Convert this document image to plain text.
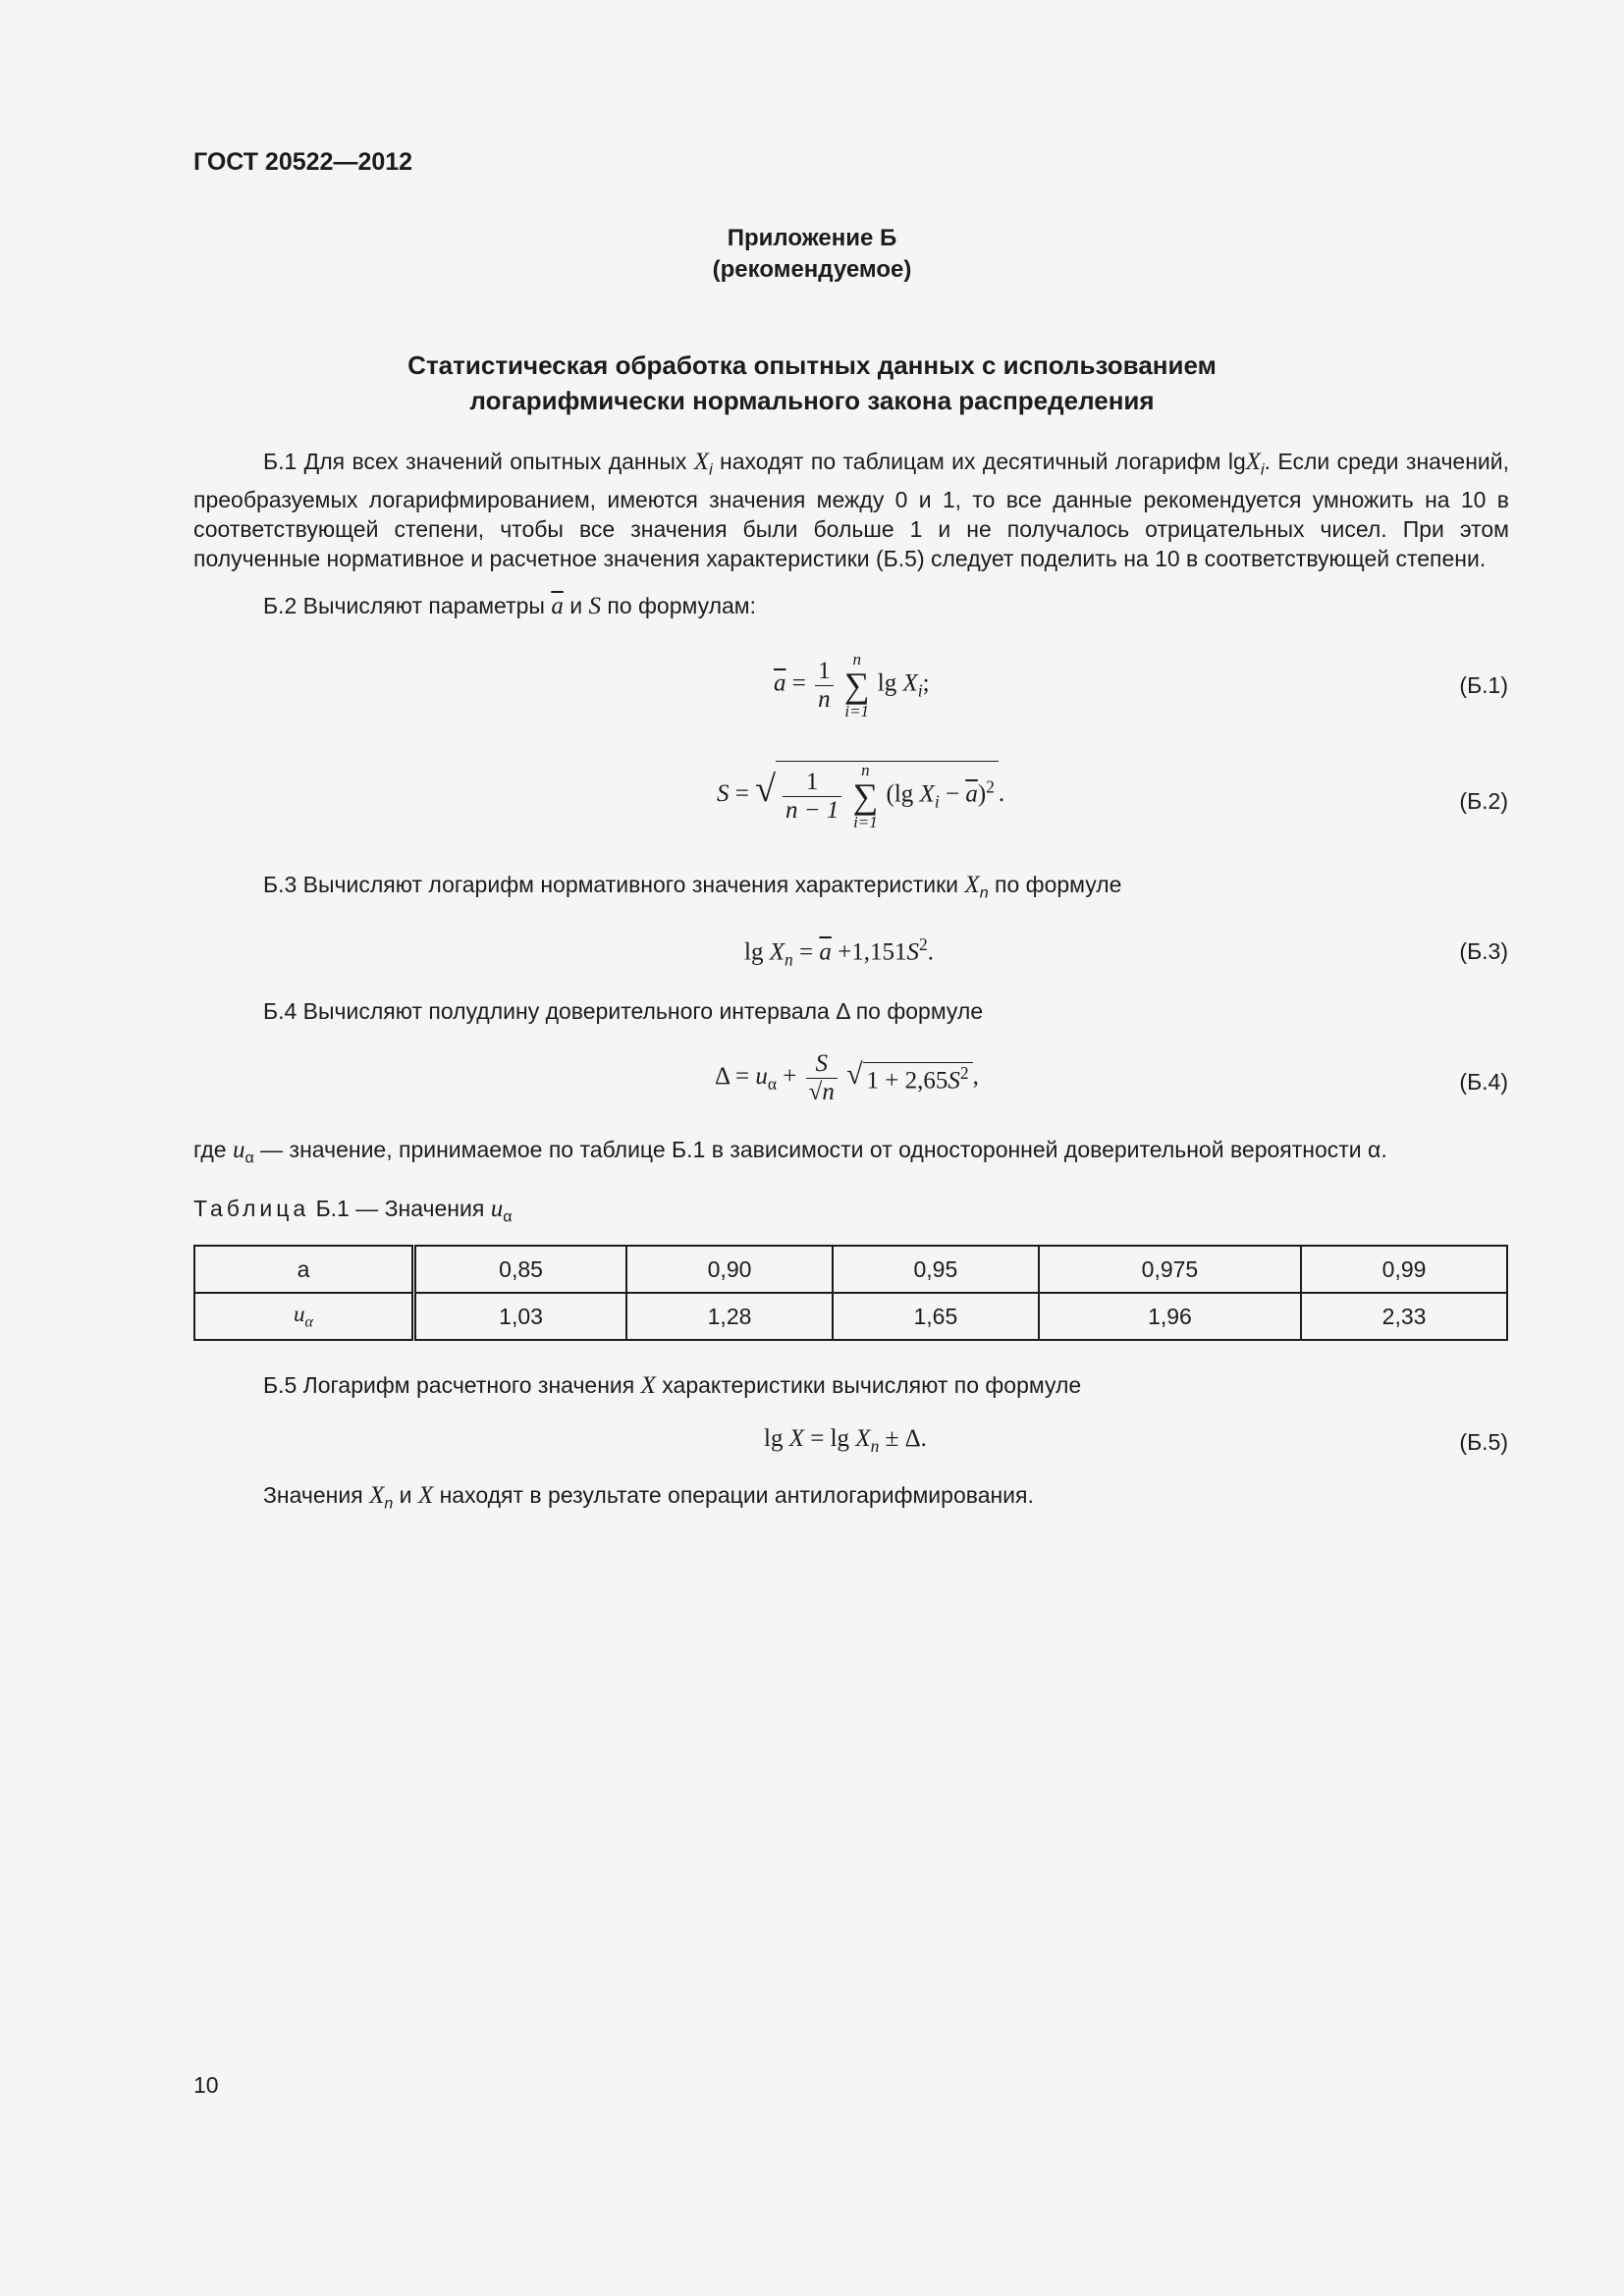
ГОСТ 20522—2012
Приложение Б
(рекомендуемое)
Статистическая обработка опытных данных с использованием
логарифмически нормального закона распределения

Б.1 Для всех значений опытных данных $X_i$ находят по таблицам их десятичный логарифм lgX$_i$. Если среди значений, преобразуемых логарифмированием, имеются значения между 0 и 1, то все данные рекомендуется умножить на 10 в соответствующей степени, чтобы все значения были больше 1 и не получалось отрицательных чисел. При этом полученные нормативное и расчетное значения характеристики (Б.5) следует поделить на 10 в соответствующей степени.

Б.2 Вычисляют параметры $\overline{a}$ и S по формулам:
$\overline{a} = \frac{1}{n}$
	n
∑
i=1
$\lg X_i$;	(Б.1)
S = √ $\frac{1}{n - 1}$
	n
∑
i=1
(lg $X_i - \overline{a})^2$ .	(Б.2)
Б.3 Вычисляют логарифм нормативного значения характеристики $X_n$ по формуле
$\lg X_n = \overline{a} +1,151S^2$.	(Б.3)
Б.4 Вычисляют полудлину доверительного интервала Δ по формуле
$\Delta = u_\alpha + \frac{S}{√n}$ √ $1 + 2,65S^2$ ,	(Б.4)
где $u_\alpha$ — значение, принимаемое по таблице Б.1 в зависимости от односторонней доверительной вероятности α.
Таблица Б.1 — Значения $u_\alpha$
a	0,85	0,90	0,95	0,975	0,99
$u_\alpha$	1,03	1,28	1,65	1,96	2,33
Б.5 Логарифм расчетного значения X характеристики вычисляют по формуле
$\lg X = \lg X_n \pm \Delta$.	(Б.5)
Значения $X_n$ и X находят в результате операции антилогарифмирования.
10
